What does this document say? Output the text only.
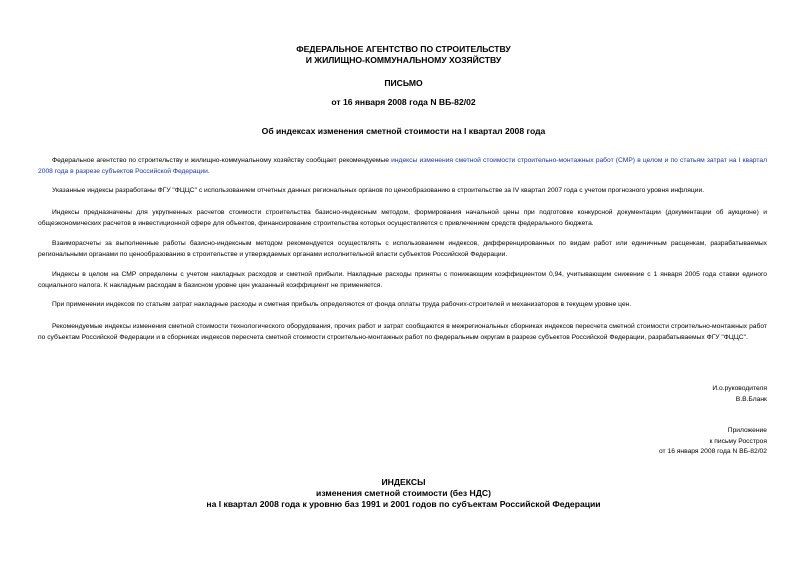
ФЕДЕРАЛЬНОЕ АГЕНТСТВО ПО СТРОИТЕЛЬСТВУ
И ЖИЛИЩНО-КОММУНАЛЬНОМУ ХОЗЯЙСТВУ
ПИСЬМО
от 16 января 2008 года N ВБ-82/02
Об индексах изменения сметной стоимости на I квартал 2008 года

Федеральное агентство по строительству и жилищно-коммунальному хозяйству сообщает рекомендуемые индексы изменения сметной стоимости строительно-монтажных работ (СМР) в целом и по статьям затрат на I квартал 2008 года в разрезе субъектов Российской Федерации.

Указанные индексы разработаны ФГУ "ФЦЦС" с использованием отчетных данных региональных органов по ценообразованию в строительстве за IV квартал 2007 года с учетом прогнозного уровня инфляции.

Индексы предназначены для укрупненных расчетов стоимости строительства базисно-индексным методом, формирования начальной цены при подготовке конкурсной документации (документации об аукционе) и общеэкономических расчетов в инвестиционной сфере для объектов, финансирование строительства которых осуществляется с привлечением средств федерального бюджета.

Взаиморасчеты за выполненные работы базисно-индексным методом рекомендуется осуществлять с использованием индексов, дифференцированных по видам работ или единичным расценкам, разрабатываемых региональными органами по ценообразованию в строительстве и утверждаемых органами исполнительной власти субъектов Российской Федерации.

Индексы в целом на СМР определены с учетом накладных расходов и сметной прибыли. Накладные расходы приняты с понижающим коэффициентом 0,94, учитывающим снижение с 1 января 2005 года ставки единого социального налога. К накладным расходам в базисном уровне цен указанный коэффициент не применяется.

При применении индексов по статьям затрат накладные расходы и сметная прибыль определяются от фонда оплаты труда рабочих-строителей и механизаторов в текущем уровне цен.

Рекомендуемые индексы изменения сметной стоимости технологического оборудования, прочих работ и затрат сообщаются в межрегиональных сборниках индексов пересчета сметной стоимости строительно-монтажных работ по субъектам Российской Федерации и в сборниках индексов пересчета сметной стоимости строительно-монтажных работ по федеральным округам в разрезе субъектов Российской Федерации, разрабатываемых ФГУ "ФЦЦС".

И.о.руководителя
В.В.Бланк
Приложение
к письму Росстроя
от 16 января 2008 года N ВБ-82/02
ИНДЕКСЫ
изменения сметной стоимости (без НДС)
на I квартал 2008 года к уровню баз 1991 и 2001 годов по субъектам Российской Федерации
